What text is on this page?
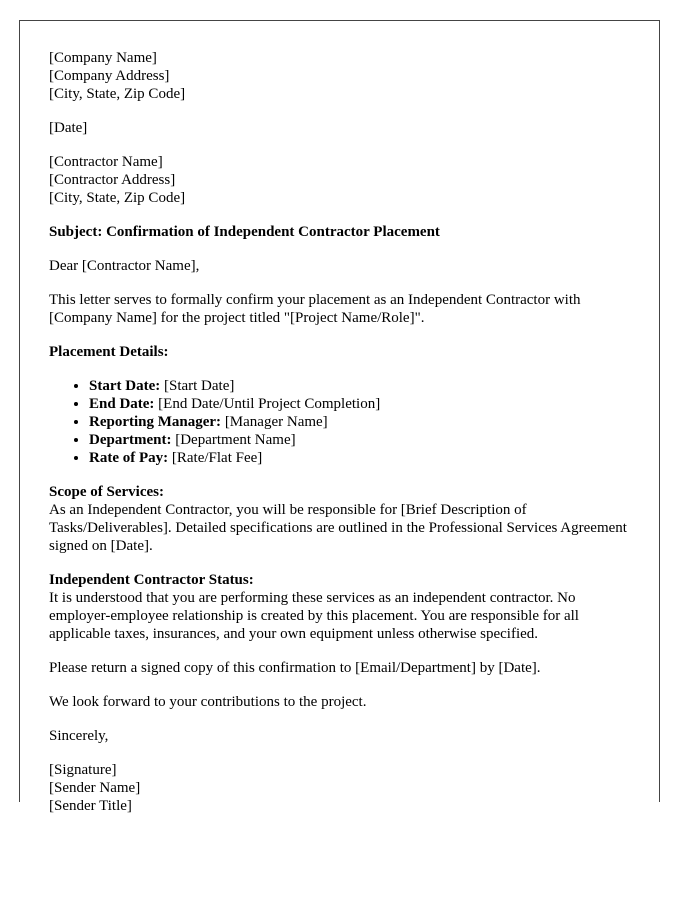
[Company Name]
[Company Address]
[City, State, Zip Code]
[Date]
[Contractor Name]
[Contractor Address]
[City, State, Zip Code]

Subject: Confirmation of Independent Contractor Placement

Dear [Contractor Name],

This letter serves to formally confirm your placement as an Independent Contractor with [Company Name] for the project titled "[Project Name/Role]".

Placement Details:

• Start Date: [Start Date]
• End Date: [End Date/Until Project Completion]
• Reporting Manager: [Manager Name]
• Department: [Department Name]
• Rate of Pay: [Rate/Flat Fee]

Scope of Services:
As an Independent Contractor, you will be responsible for [Brief Description of Tasks/Deliverables]. Detailed specifications are outlined in the Professional Services Agreement signed on [Date].

Independent Contractor Status:
It is understood that you are performing these services as an independent contractor. No employer-employee relationship is created by this placement. You are responsible for all applicable taxes, insurances, and your own equipment unless otherwise specified.

Please return a signed copy of this confirmation to [Email/Department] by [Date].

We look forward to your contributions to the project.

Sincerely,

[Signature]
[Sender Name]
[Sender Title]
